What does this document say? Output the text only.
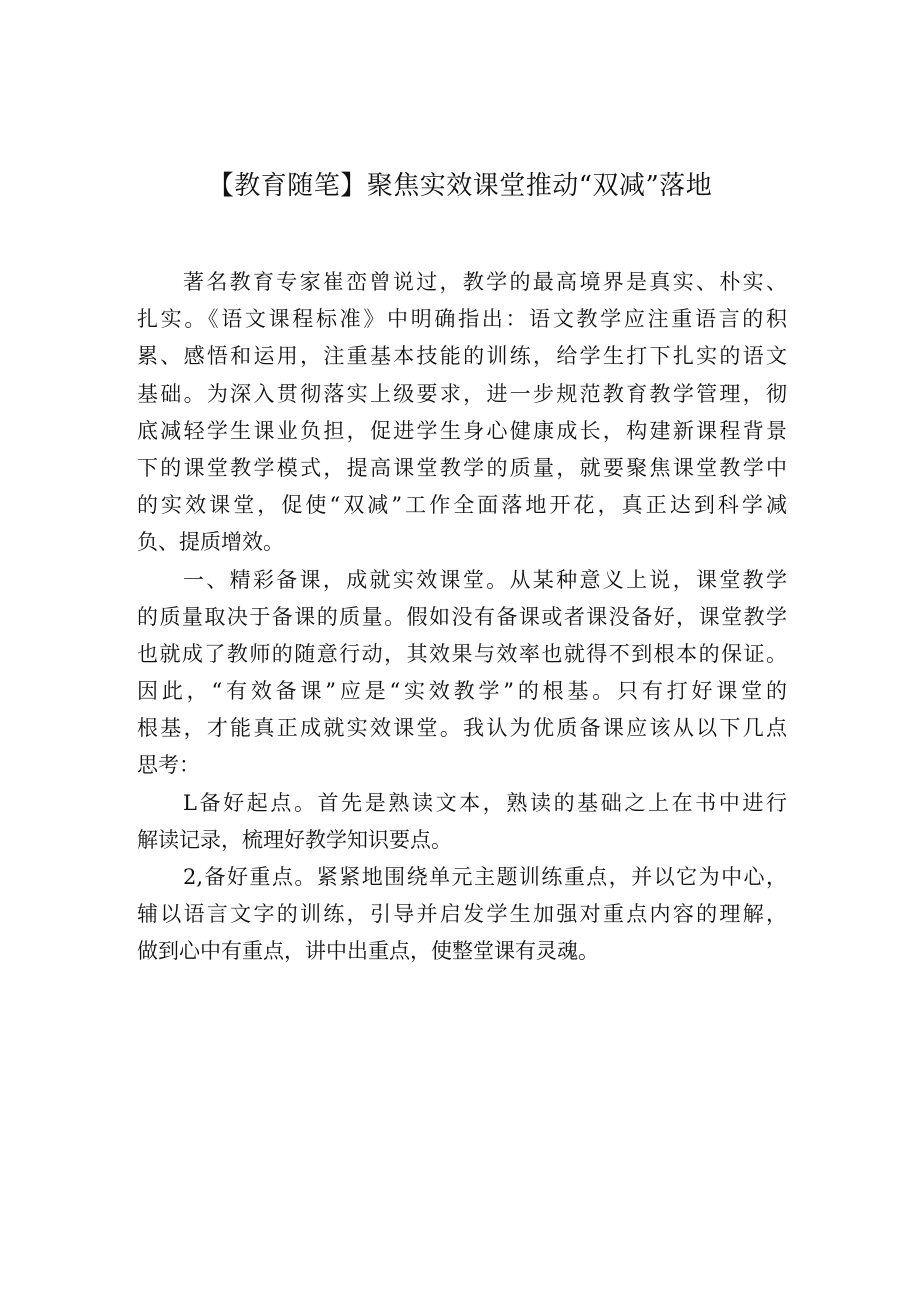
【教育随笔】聚焦实效课堂推动“双减”落地
著名教育专家崔峦曾说过，教学的最高境界是真实、朴实、
扎实。《语文课程标准》中明确指出：语文教学应注重语言的积
累、感悟和运用，注重基本技能的训练，给学生打下扎实的语文
基础。为深入贯彻落实上级要求，进一步规范教育教学管理，彻
底减轻学生课业负担，促进学生身心健康成长，构建新课程背景
下的课堂教学模式，提高课堂教学的质量，就要聚焦课堂教学中
的实效课堂，促使“双减”工作全面落地开花，真正达到科学减
负、提质增效。
一、精彩备课，成就实效课堂。从某种意义上说，课堂教学
的质量取决于备课的质量。假如没有备课或者课没备好，课堂教学
也就成了教师的随意行动，其效果与效率也就得不到根本的保证。
因此，“有效备课”应是“实效教学”的根基。只有打好课堂的
根基，才能真正成就实效课堂。我认为优质备课应该从以下几点
思考：
L备好起点。首先是熟读文本，熟读的基础之上在书中进行
解读记录，梳理好教学知识要点。
2,备好重点。紧紧地围绕单元主题训练重点，并以它为中心，
辅以语言文字的训练，引导并启发学生加强对重点内容的理解，
做到心中有重点，讲中出重点，使整堂课有灵魂。
